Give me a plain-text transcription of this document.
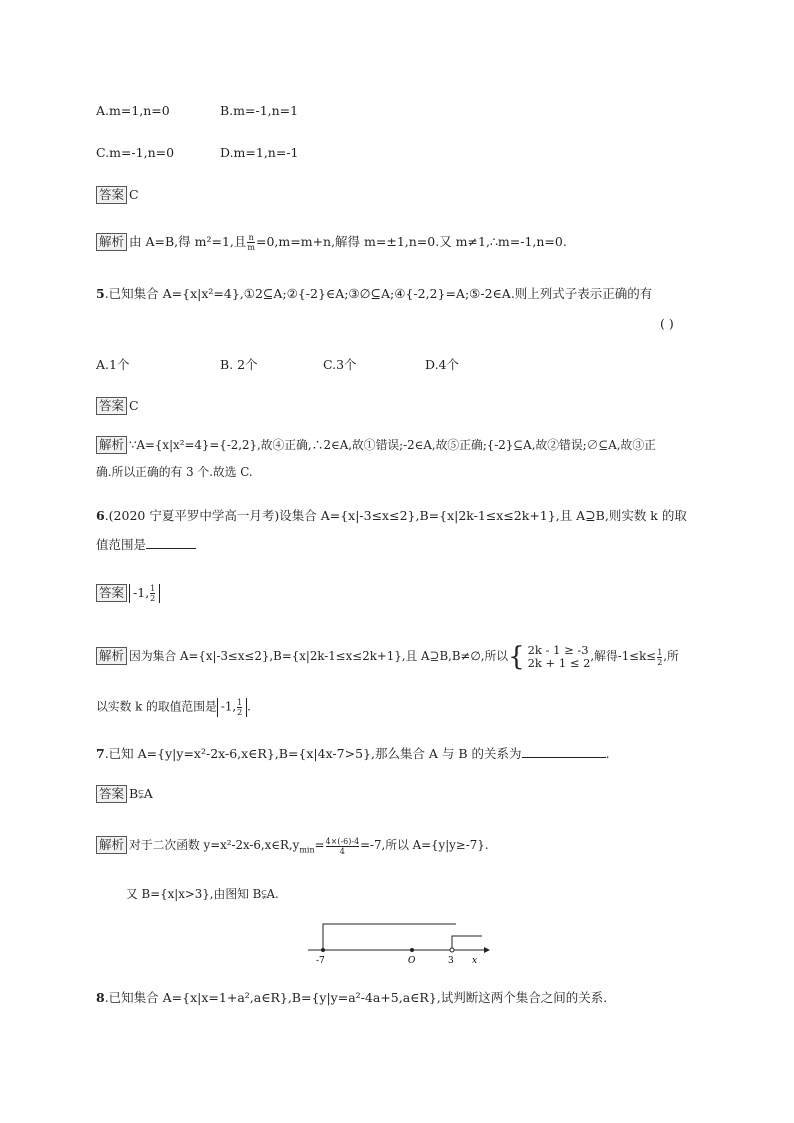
A.m=1,n=0	B.m=-1,n=1
C.m=-1,n=0	D.m=1,n=-1
答案 C
解析 由 A=B,得 m²=1,且 $\frac{n}{m} =0,m=m+n$,解得 m=±1,n=0.又 m≠1,∴m=-1,n=0.
5.已知集合 A={x|x²=4},①2⊆A;②{-2}∈A;③∅⊆A;④{-2,2}=A;⑤-2∈A.则上列式子表示正确的有
( )
A.1个	B. 2个	C.3个	D.4个
答案 C
解析 ∵A={x|x²=4}={-2,2},故④正确,∴2∈A,故①错误;-2∈A,故⑤正确;{-2}⊆A,故②错误;∅⊆A,故③正
确.所以正确的有 3 个.故选 C.
6.(2020 宁夏平罗中学高一月考)设集合 A={x|-3≤x≤2},B={x|2k-1≤x≤2k+1},且 A⊇B,则实数 k 的取
值范围是
答案 -1, $\frac{1}{2}$
解析 因为集合 A={x|-3≤x≤2},B={x|2k-1≤x≤2k+1},且 A⊇B,B≠∅,所以{ 2k - 1 ≥ -3
2k + 1 ≤ 2 ,解得$-1\le k\le \frac{1}{2}$ ,所
以实数 k 的取值范围是 -1, $\frac{1}{2}$ .
7.已知 A={y|y=x²-2x-6,x∈R},B={x|4x-7>5},那么集合 A 与 B 的关系为	.
答案 B⫋A
解析 对于二次函数 $y=x^2-2x-6,x\in R,y_{min}= \frac{4\times(-6)-4}{4} =-7$,所以 A={y|y≥-7}.
又 B={x|x>3},由图知 B⫋A.
-7	O	3 x
8.已知集合 A={x|x=1+a²,a∈R},B={y|y=a²-4a+5,a∈R},试判断这两个集合之间的关系.
